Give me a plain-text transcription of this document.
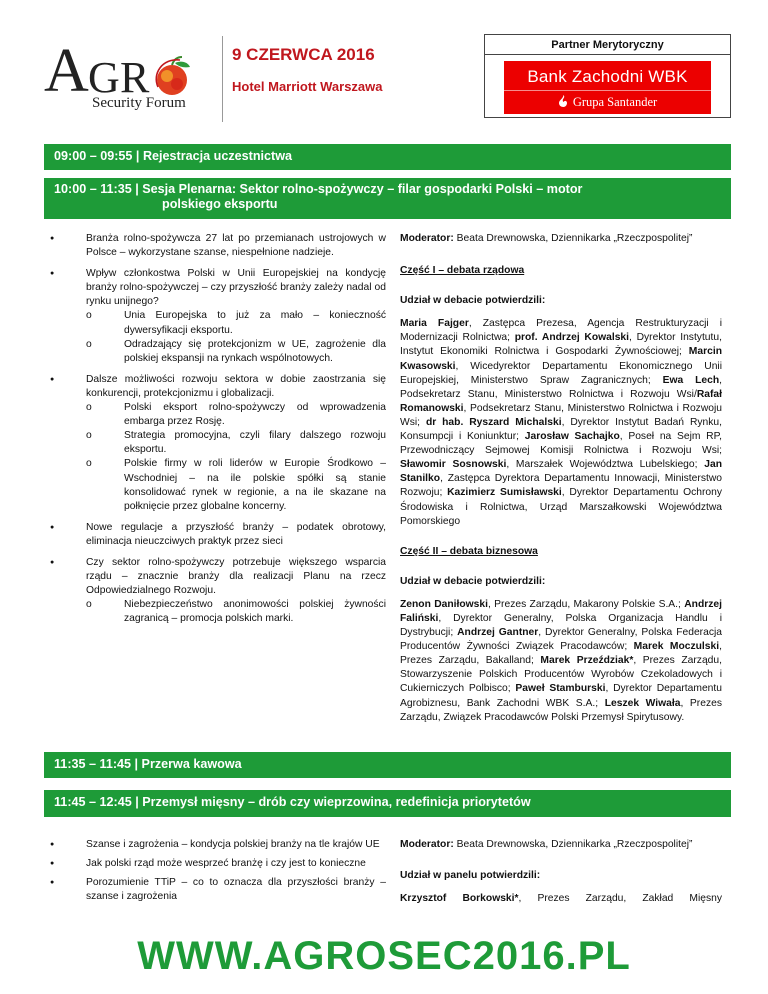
A G R
Security Forum
9 CZERWCA 2016
Hotel Marriott Warszawa
Partner Merytoryczny
Bank Zachodni WBK
Grupa Santander
09:00 – 09:55 | Rejestracja uczestnictwa
10:00 – 11:35 | Sesja Plenarna: Sektor rolno-spożywczy – filar gospodarki Polski – motor
polskiego eksportu
● Branża rolno-spożywcza 27 lat po przemianach ustrojowych w Polsce – wykorzystane szanse, niespełnione nadzieje.
● Wpływ członkostwa Polski w Unii Europejskiej na kondycję branży rolno-spożywczej – czy przyszłość branży zależy nadal od rynku unijnego?
o Unia Europejska to już za mało – konieczność dywersyfikacji eksportu.
o Odradzający się protekcjonizm w UE, zagrożenie dla polskiej ekspansji na rynkach wspólnotowych.
● Dalsze możliwości rozwoju sektora w dobie zaostrzania się konkurencji, protekcjonizmu i globalizacji.
o Polski eksport rolno-spożywczy od wprowadzenia embarga przez Rosję.
o Strategia promocyjna, czyli filary dalszego rozwoju eksportu.
o Polskie firmy w roli liderów w Europie Środkowo – Wschodniej – na ile polskie spółki są stanie konsolidować rynek w regionie, a na ile skazane na połknięcie przez globalne koncerny.
● Nowe regulacje a przyszłość branży – podatek obrotowy, eliminacja nieuczciwych praktyk przez sieci
● Czy sektor rolno-spożywczy potrzebuje większego wsparcia rządu – znacznie branży dla realizacji Planu na rzecz Odpowiedzialnego Rozwoju.
o Niebezpieczeństwo anonimowości polskiej żywności zagranicą – promocja polskich marki.

Moderator: Beata Drewnowska, Dziennikarka „Rzeczpospolitej”

Część I – debata rządowa

Udział w debacie potwierdzili:

Maria Fajger, Zastępca Prezesa, Agencja Restrukturyzacji i Modernizacji Rolnictwa; prof. Andrzej Kowalski, Dyrektor Instytutu, Instytut Ekonomiki Rolnictwa i Gospodarki Żywnościowej; Marcin Kwasowski, Wicedyrektor Departamentu Ekonomicznego Unii Europejskiej, Ministerstwo Spraw Zagranicznych; Ewa Lech, Podsekretarz Stanu, Ministerstwo Rolnictwa i Rozwoju Wsi/Rafał Romanowski, Podsekretarz Stanu, Ministerstwo Rolnictwa i Rozwoju Wsi; dr hab. Ryszard Michalski, Dyrektor Instytut Badań Rynku, Konsumpcji i Koniunktur; Jarosław Sachajko, Poseł na Sejm RP, Przewodniczący Sejmowej Komisji Rolnictwa i Rozwoju Wsi; Sławomir Sosnowski, Marszałek Województwa Lubelskiego; Jan Stanilko, Zastępca Dyrektora Departamentu Innowacji, Ministerstwo Rozwoju; Kazimierz Sumisławski, Dyrektor Departamentu Ochrony Środowiska i Rolnictwa, Urząd Marszałkowski Województwa Pomorskiego

Część II – debata biznesowa

Udział w debacie potwierdzili:

Zenon Daniłowski, Prezes Zarządu, Makarony Polskie S.A.; Andrzej Faliński, Dyrektor Generalny, Polska Organizacja Handlu i Dystrybucji; Andrzej Gantner, Dyrektor Generalny, Polska Federacja Producentów Żywności Związek Pracodawców; Marek Moczulski, Prezes Zarządu, Bakalland; Marek Przeździak*, Prezes Zarządu, Stowarzyszenie Polskich Producentów Wyrobów Czekoladowych i Cukierniczych Polbisco; Paweł Stamburski, Dyrektor Departamentu Agrobiznesu, Bank Zachodni WBK S.A.; Leszek Wiwała, Prezes Zarządu, Związek Pracodawców Polski Przemysł Spirytusowy.

11:35 – 11:45 | Przerwa kawowa
11:45 – 12:45 | Przemysł mięsny – drób czy wieprzowina, redefinicja priorytetów
● Szanse i zagrożenia – kondycja polskiej branży na tle krajów UE
● Jak polski rząd może wesprzeć branżę i czy jest to konieczne
● Porozumienie TTiP – co to oznacza dla przyszłości branży – szanse i zagrożenia

Moderator: Beata Drewnowska, Dziennikarka „Rzeczpospolitej”

Udział w panelu potwierdzili:

Krzysztof Borkowski*, Prezes Zarządu, Zakład Mięsny

WWW.AGROSEC2016.PL
